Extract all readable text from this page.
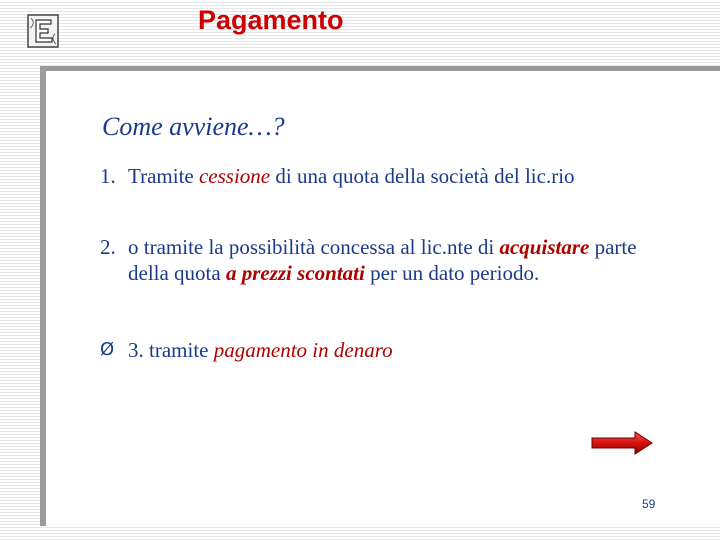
Pagamento
Come avviene…?
1. Tramite cessione di una quota della società del lic.rio
2. o tramite la possibilità concessa al lic.nte di acquistare parte della quota a prezzi scontati per un dato periodo.
Ø 3. tramite pagamento in denaro
59
